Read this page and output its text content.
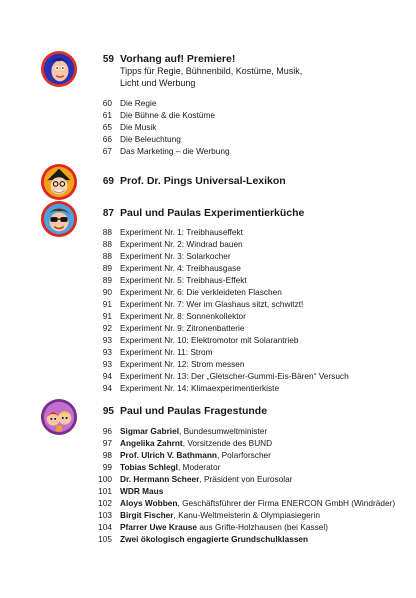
59 Vorhang auf! Premiere!
Tipps für Regie, Bühnenbild, Kostüme, Musik, Licht und Werbung
60 Die Regie
61 Die Bühne & die Kostüme
65 Die Musik
66 Die Beleuchtung
67 Das Marketing – die Werbung
69 Prof. Dr. Pings Universal-Lexikon
87 Paul und Paulas Experimentierküche
88 Experiment Nr. 1: Treibhauseffekt
88 Experiment Nr. 2: Windrad bauen
88 Experiment Nr. 3: Solarkocher
89 Experiment Nr. 4: Treibhausgase
89 Experiment Nr. 5: Treibhaus-Effekt
90 Experiment Nr. 6: Die verkleideten Flaschen
91 Experiment Nr. 7: Wer im Glashaus sitzt, schwitzt!
91 Experiment Nr. 8: Sonnenkollektor
92 Experiment Nr. 9: Zitronenbatterie
93 Experiment Nr. 10: Elektromotor mit Solarantrieb
93 Experiment Nr. 11: Strom
93 Experiment Nr. 12: Strom messen
94 Experiment Nr. 13: Der „Gletscher-Gummi-Eis-Bären“ Versuch
94 Experiment Nr. 14: Klimaexperimentierkiste
95 Paul und Paulas Fragestunde
96 Sigmar Gabriel, Bundesumweltminister
97 Angelika Zahrnt, Vorsitzende des BUND
98 Prof. Ulrich V. Bathmann, Polarforscher
99 Tobias Schlegl, Moderator
100 Dr. Hermann Scheer, Präsident von Eurosolar
101 WDR Maus
102 Aloys Wobben, Geschäftsführer der Firma ENERCON GmbH (Windräder)
103 Birgit Fischer, Kanu-Weltmeisterin & Olympiasiegerin
104 Pfarrer Uwe Krause aus Grifte-Holzhausen (bei Kassel)
105 Zwei ökologisch engagierte Grundschulklassen
